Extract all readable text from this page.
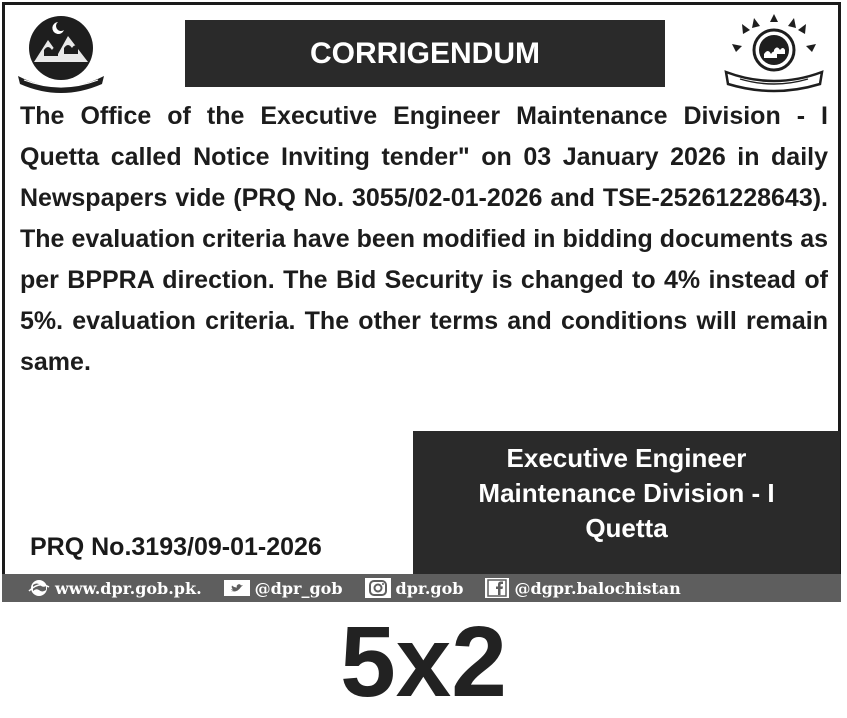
CORRIGENDUM
The Office of the Executive Engineer Maintenance Division - I Quetta called Notice Inviting tender" on 03 January 2026 in daily Newspapers vide (PRQ No. 3055/02-01-2026 and TSE-25261228643). The evaluation criteria have been modified in bidding documents as per BPPRA direction. The Bid Security is changed to 4% instead of 5%. evaluation criteria. The other terms and conditions will remain same.
Executive Engineer
Maintenance Division - I
Quetta
PRQ No.3193/09-01-2026
www.dpr.gob.pk.	@dpr_gob	dpr.gob	@dgpr.balochistan
5x2
